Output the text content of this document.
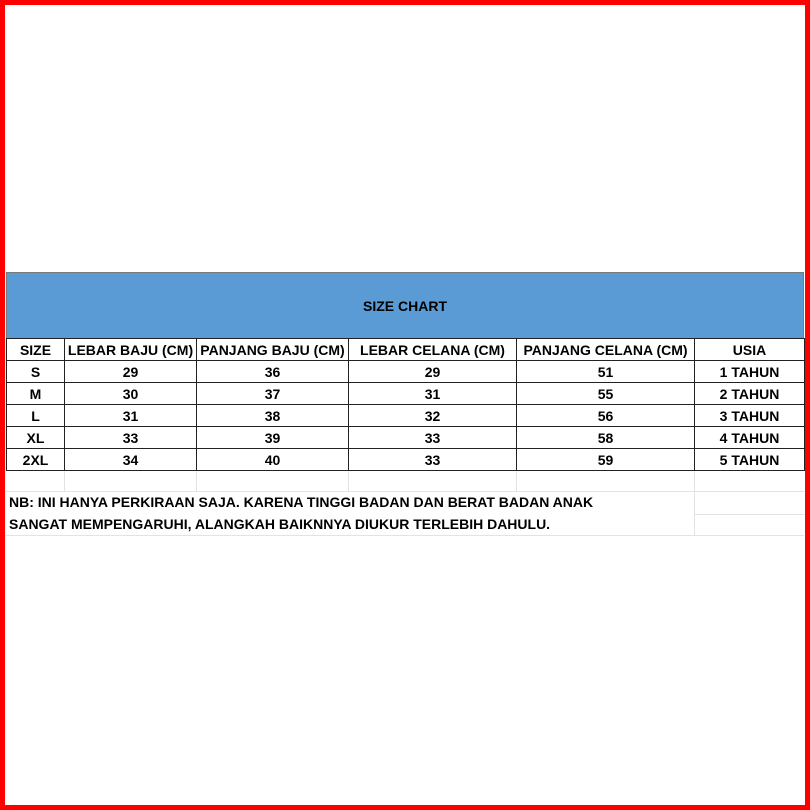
SIZE CHART
SIZE	LEBAR BAJU (CM)	PANJANG BAJU (CM)	LEBAR CELANA (CM)	PANJANG CELANA (CM)	USIA
S	29	36	29	51	1 TAHUN
M	30	37	31	55	2 TAHUN
L	31	38	32	56	3 TAHUN
XL	33	39	33	58	4 TAHUN
2XL	34	40	33	59	5 TAHUN
NB: INI HANYA PERKIRAAN SAJA. KARENA TINGGI BADAN DAN BERAT BADAN ANAK
SANGAT MEMPENGARUHI, ALANGKAH BAIKNNYA DIUKUR TERLEBIH DAHULU.
